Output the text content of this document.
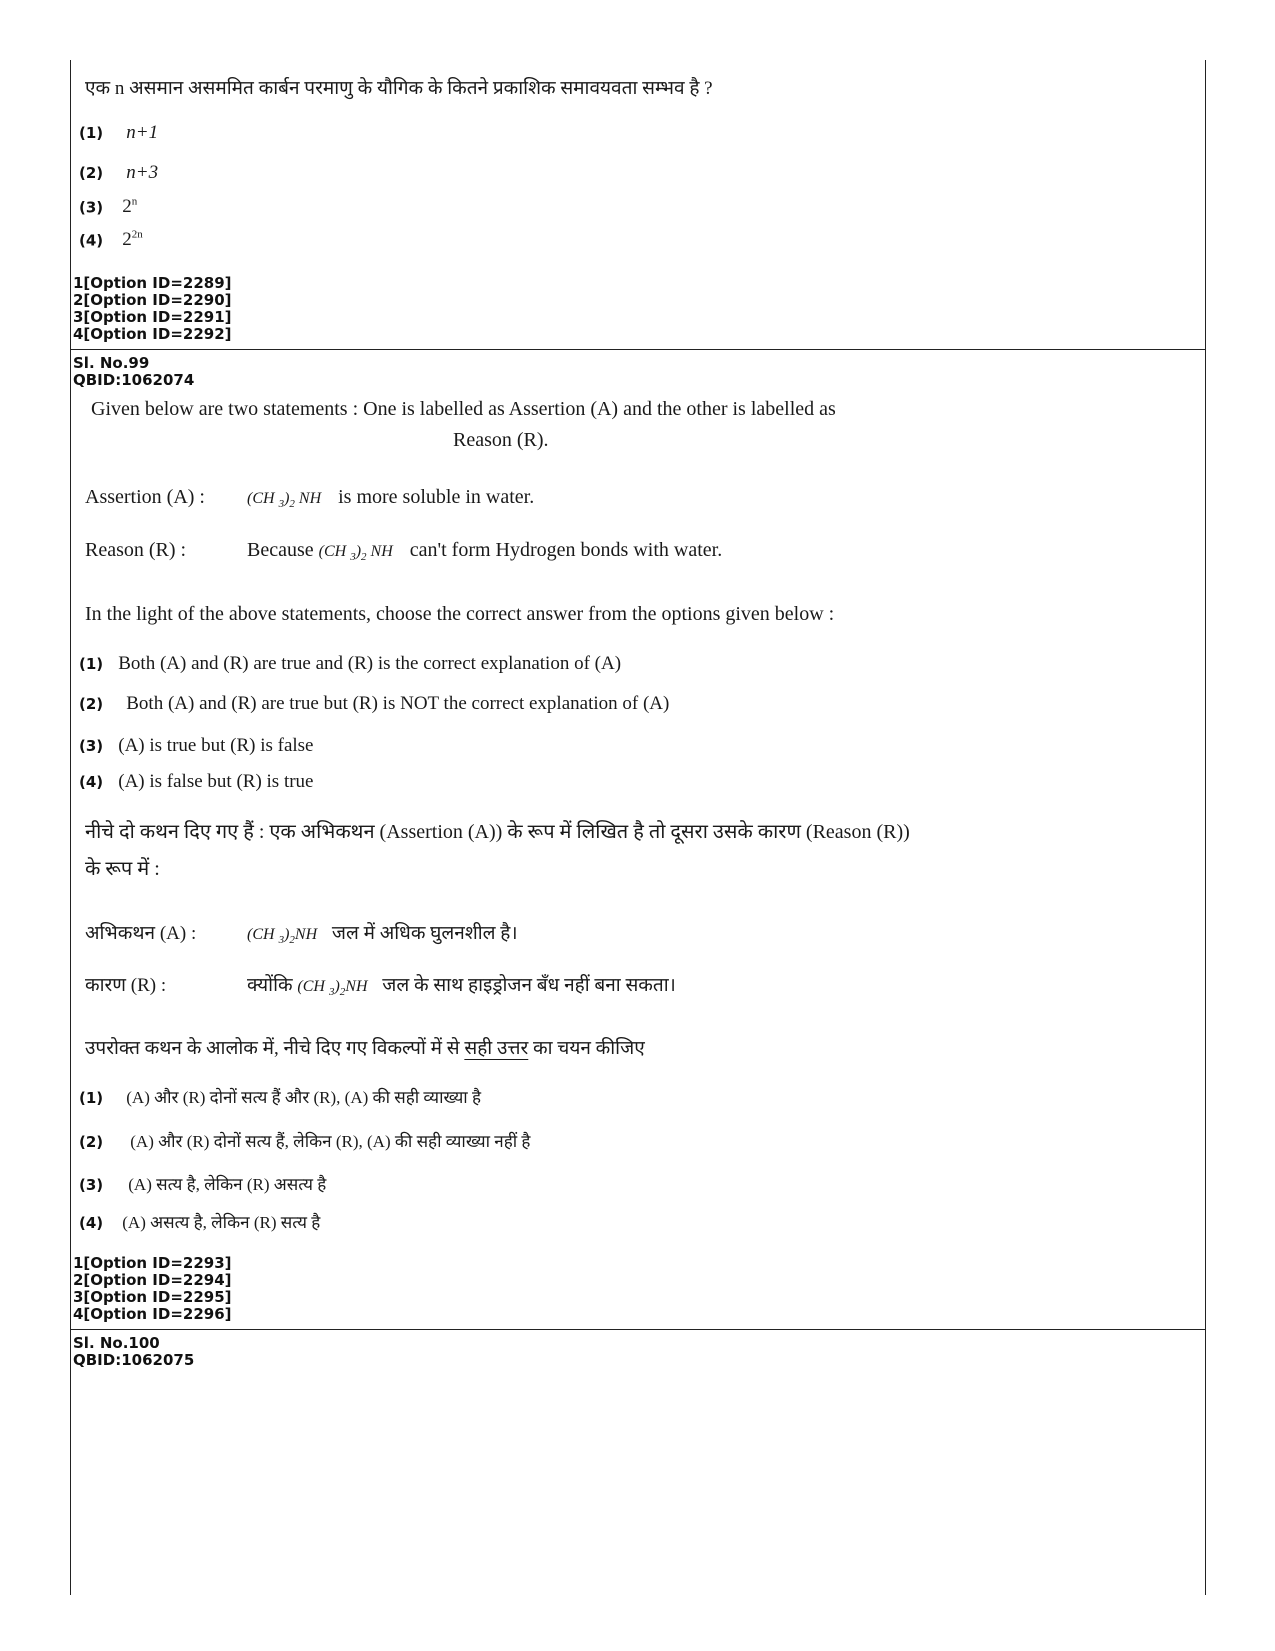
एक n असमान असममित कार्बन परमाणु के यौगिक के कितने प्रकाशिक समावयवता सम्भव है ?
(1) n+1
(2) n+3
(3) 2$^n$
(4) $2^{2n}$
1[Option ID=2289]
2[Option ID=2290]
3[Option ID=2291]
4[Option ID=2292]
Sl. No.99
QBID:1062074
Given below are two statements : One is labelled as Assertion (A) and the other is labelled as
Reason (R).
Assertion (A) :	(CH $_3)_2$ NH is more soluble in water.
Reason (R) :	Because (CH $_3)_2$ NH can't form Hydrogen bonds with water.
In the light of the above statements, choose the correct answer from the options given below :
(1) Both (A) and (R) are true and (R) is the correct explanation of (A)
(2) Both (A) and (R) are true but (R) is NOT the correct explanation of (A)
(3) (A) is true but (R) is false
(4) (A) is false but (R) is true
नीचे दो कथन दिए गए हैं : एक अभिकथन (Assertion (A)) के रूप में लिखित है तो दूसरा उसके कारण (Reason (R))
के रूप में :
अभिकथन (A) :	(CH $_3)_2NH$ जल में अधिक घुलनशील है।
कारण (R) :	क्योंकि (CH $_3)_2NH$ जल के साथ हाइड्रोजन बँध नहीं बना सकता।
उपरोक्त कथन के आलोक में, नीचे दिए गए विकल्पों में से सही उत्तर का चयन कीजिए
(1) (A) और (R) दोनों सत्य हैं और (R), (A) की सही व्याख्या है
(2) (A) और (R) दोनों सत्य हैं, लेकिन (R), (A) की सही व्याख्या नहीं है
(3) (A) सत्य है, लेकिन (R) असत्य है
(4) (A) असत्य है, लेकिन (R) सत्य है
1[Option ID=2293]
2[Option ID=2294]
3[Option ID=2295]
4[Option ID=2296]
Sl. No.100
QBID:1062075
